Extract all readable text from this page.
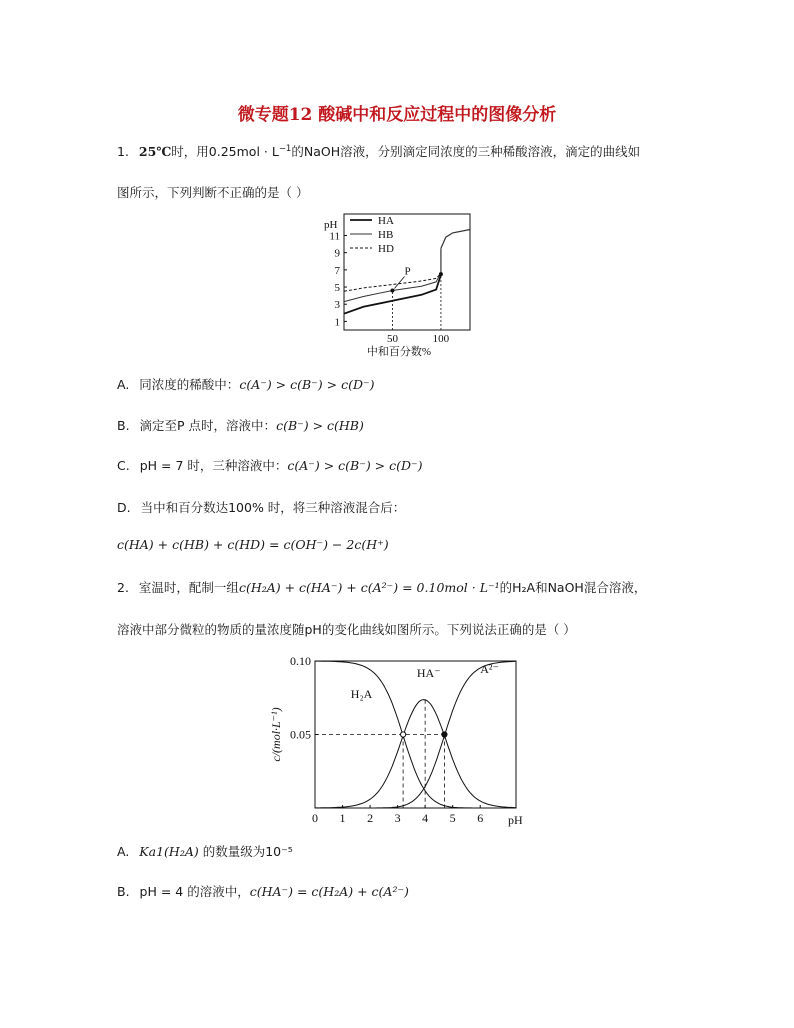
微专题12 酸碱中和反应过程中的图像分析
1. 25℃时，用$0.25mol \cdot L^{-1}$的NaOH溶液，分别滴定同浓度的三种稀酸溶液，滴定的曲线如
图所示，下列判断不正确的是（ ）
pH
1
3
5
7
9
11
50	100
中和百分数%
HA
HB
HD
P
A. 同浓度的稀酸中：c(A⁻) > c(B⁻) > c(D⁻)
B. 滴定至P 点时，溶液中：c(B⁻) > c(HB)
C. pH = 7 时，三种溶液中：c(A⁻) > c(B⁻) > c(D⁻)
D. 当中和百分数达100% 时，将三种溶液混合后：
c(HA) + c(HB) + c(HD) = c(OH⁻) − 2c(H⁺)
2. 室温时，配制一组c(H₂A) + c(HA⁻) + c(A²⁻) = 0.10mol · L⁻¹的H₂A和NaOH混合溶液，
溶液中部分微粒的物质的量浓度随pH的变化曲线如图所示。下列说法正确的是（ ）
0 1 2 3 4 5 6 pH
0.05
0.10
c/(mol·L⁻¹)
H₂A
HA⁻	A²⁻
A. Ka1(H₂A) 的数量级为10⁻⁵
B. pH = 4 的溶液中，c(HA⁻) = c(H₂A) + c(A²⁻)
